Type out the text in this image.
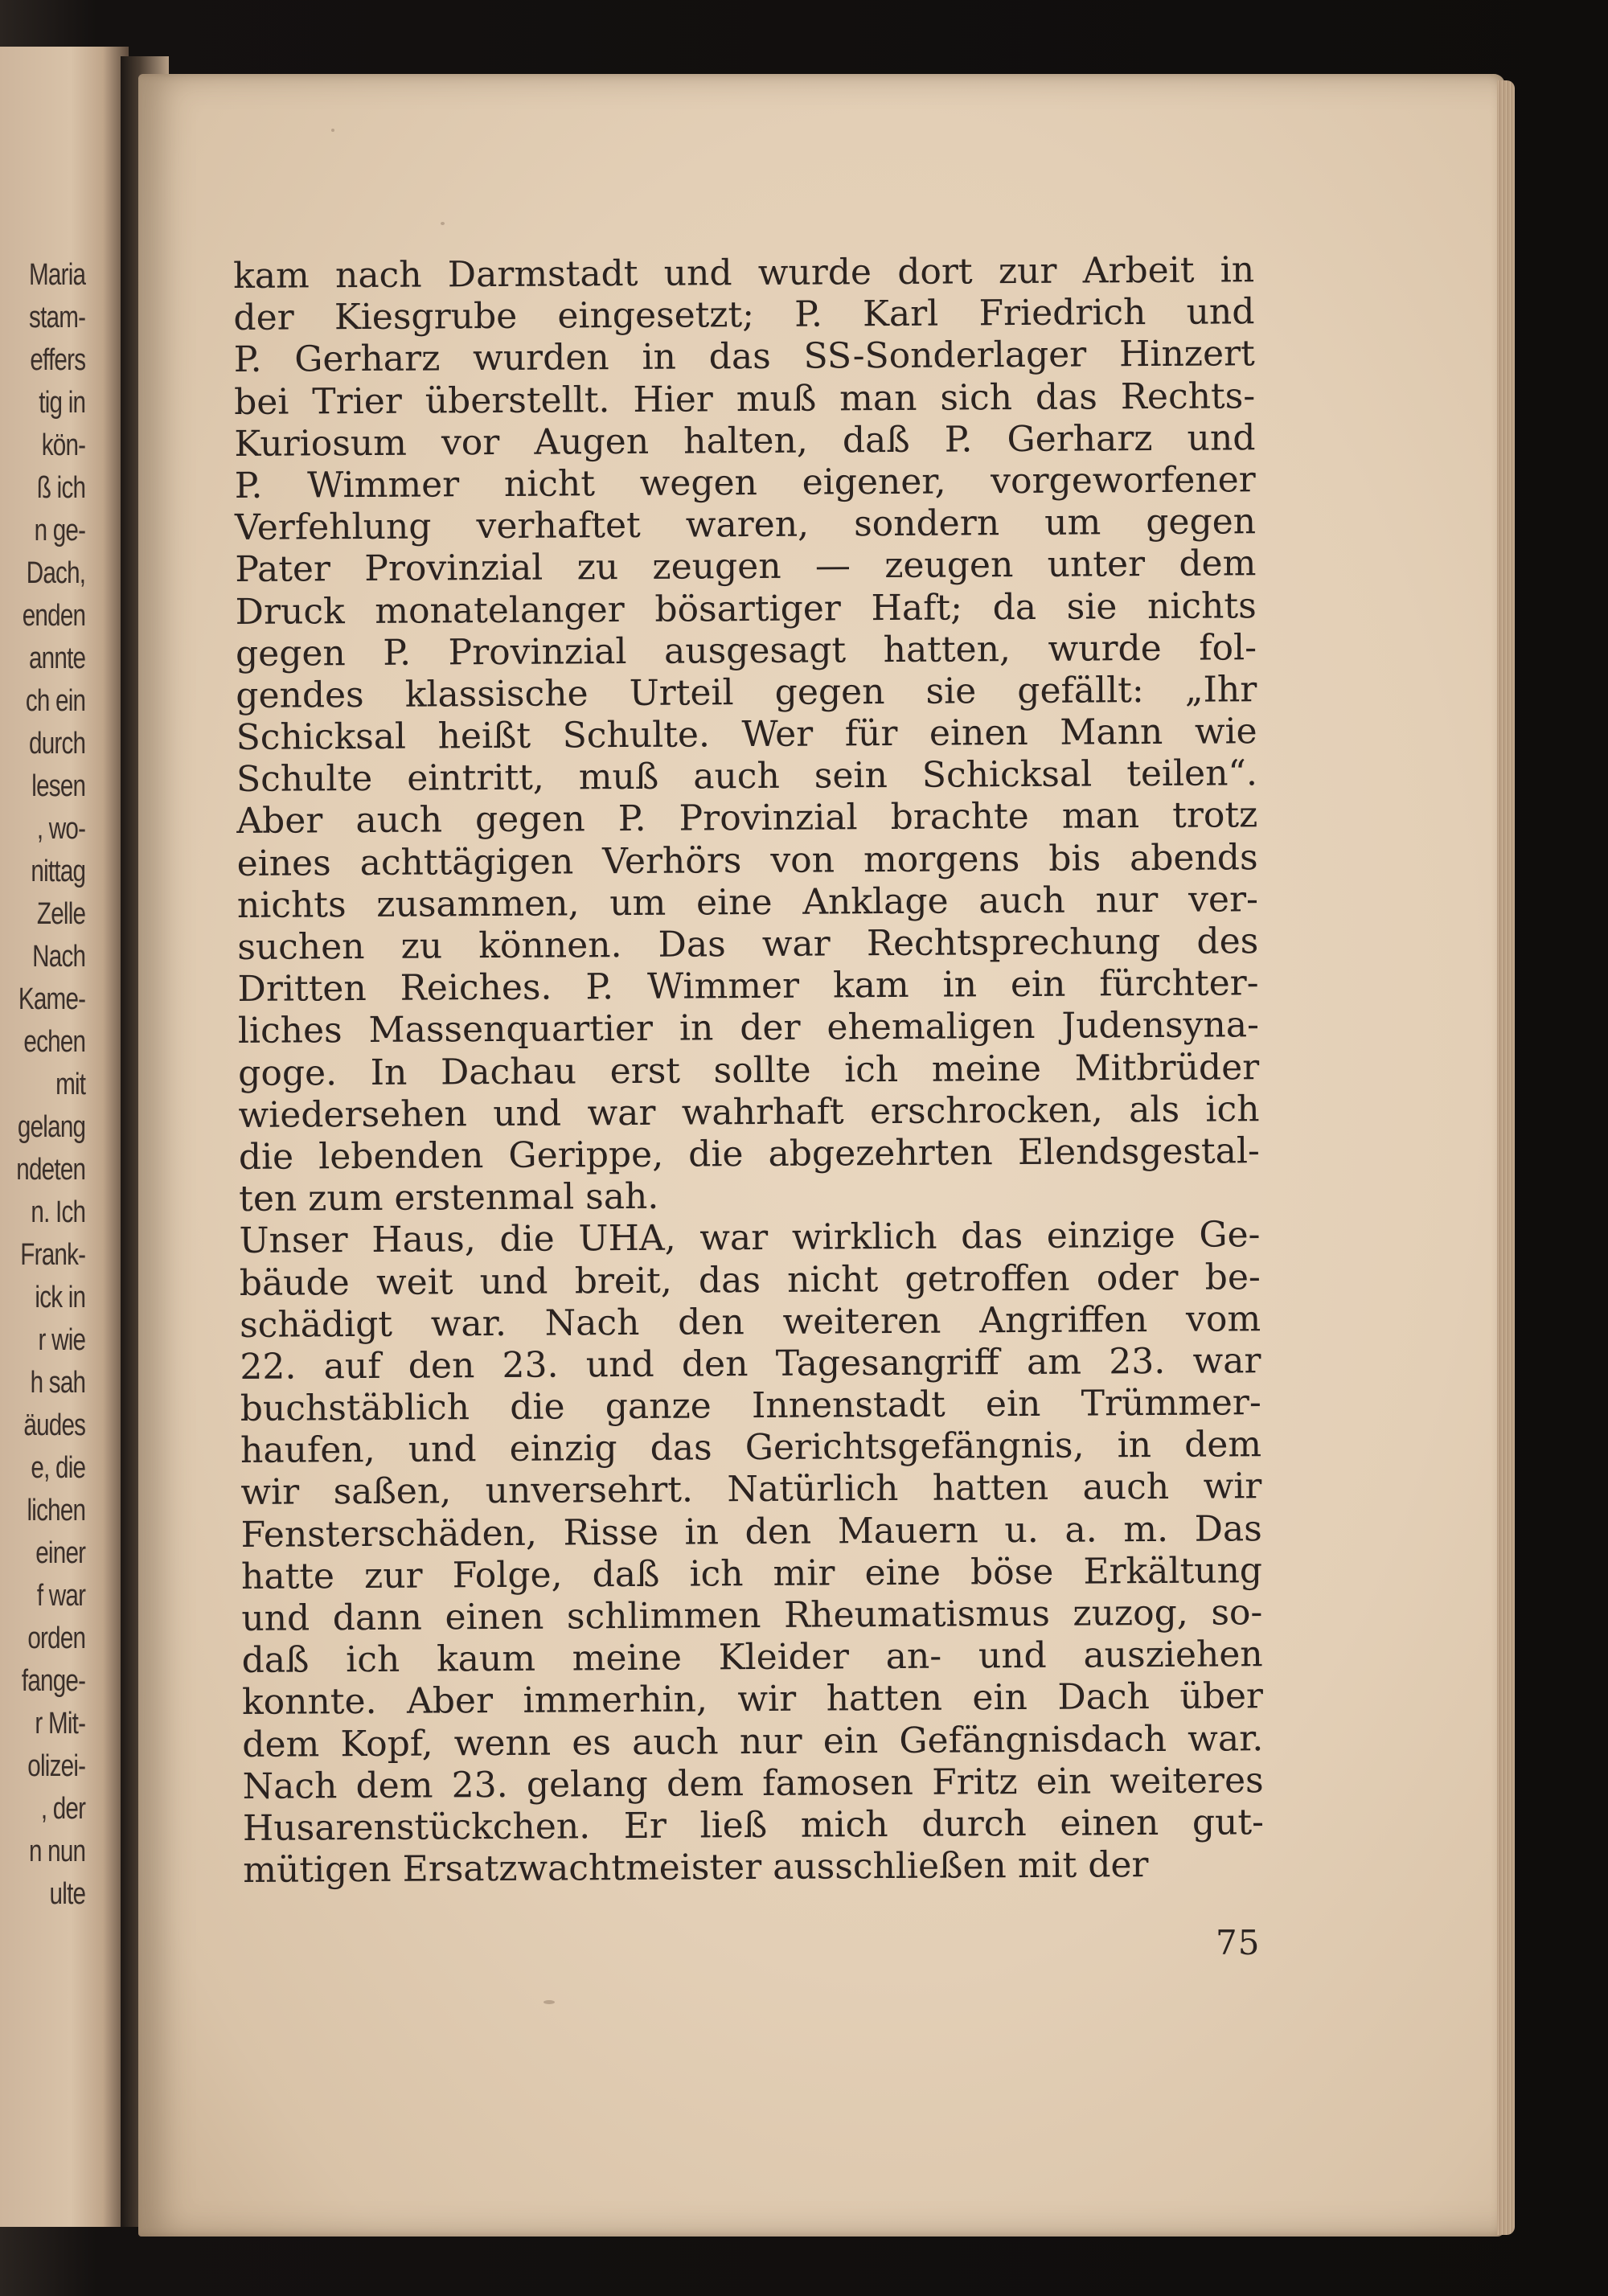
Maria
stam-
effers
tig in
kön-
ß ich
n ge-
Dach,
enden
annte
ch ein
durch
lesen
, wo-
nittag
Zelle
Nach
Kame-
echen
mit
gelang
ndeten
n. Ich
Frank-
ick in
r wie
h sah
äudes
e, die
lichen
einer
f war
orden
fange-
r Mit-
olizei-
, der
n nun
ulte
kam nach Darmstadt und wurde dort zur Arbeit in
der Kiesgrube eingesetzt; P. Karl Friedrich und
P. Gerharz wurden in das SS-Sonderlager Hinzert
bei Trier überstellt. Hier muß man sich das Rechts-
Kuriosum vor Augen halten, daß P. Gerharz und
P. Wimmer nicht wegen eigener, vorgeworfener
Verfehlung verhaftet waren, sondern um gegen
Pater Provinzial zu zeugen — zeugen unter dem
Druck monatelanger bösartiger Haft; da sie nichts
gegen P. Provinzial ausgesagt hatten, wurde fol-
gendes klassische Urteil gegen sie gefällt: „Ihr
Schicksal heißt Schulte. Wer für einen Mann wie
Schulte eintritt, muß auch sein Schicksal teilen“.
Aber auch gegen P. Provinzial brachte man trotz
eines achttägigen Verhörs von morgens bis abends
nichts zusammen, um eine Anklage auch nur ver-
suchen zu können. Das war Rechtsprechung des
Dritten Reiches. P. Wimmer kam in ein fürchter-
liches Massenquartier in der ehemaligen Judensyna-
goge. In Dachau erst sollte ich meine Mitbrüder
wiedersehen und war wahrhaft erschrocken, als ich
die lebenden Gerippe, die abgezehrten Elendsgestal-
ten zum erstenmal sah.
Unser Haus, die UHA, war wirklich das einzige Ge-
bäude weit und breit, das nicht getroffen oder be-
schädigt war. Nach den weiteren Angriffen vom
22. auf den 23. und den Tagesangriff am 23. war
buchstäblich die ganze Innenstadt ein Trümmer-
haufen, und einzig das Gerichtsgefängnis, in dem
wir saßen, unversehrt. Natürlich hatten auch wir
Fensterschäden, Risse in den Mauern u. a. m. Das
hatte zur Folge, daß ich mir eine böse Erkältung
und dann einen schlimmen Rheumatismus zuzog, so-
daß ich kaum meine Kleider an- und ausziehen
konnte. Aber immerhin, wir hatten ein Dach über
dem Kopf, wenn es auch nur ein Gefängnisdach war.
Nach dem 23. gelang dem famosen Fritz ein weiteres
Husarenstückchen. Er ließ mich durch einen gut-
mütigen Ersatzwachtmeister ausschließen mit der
75
